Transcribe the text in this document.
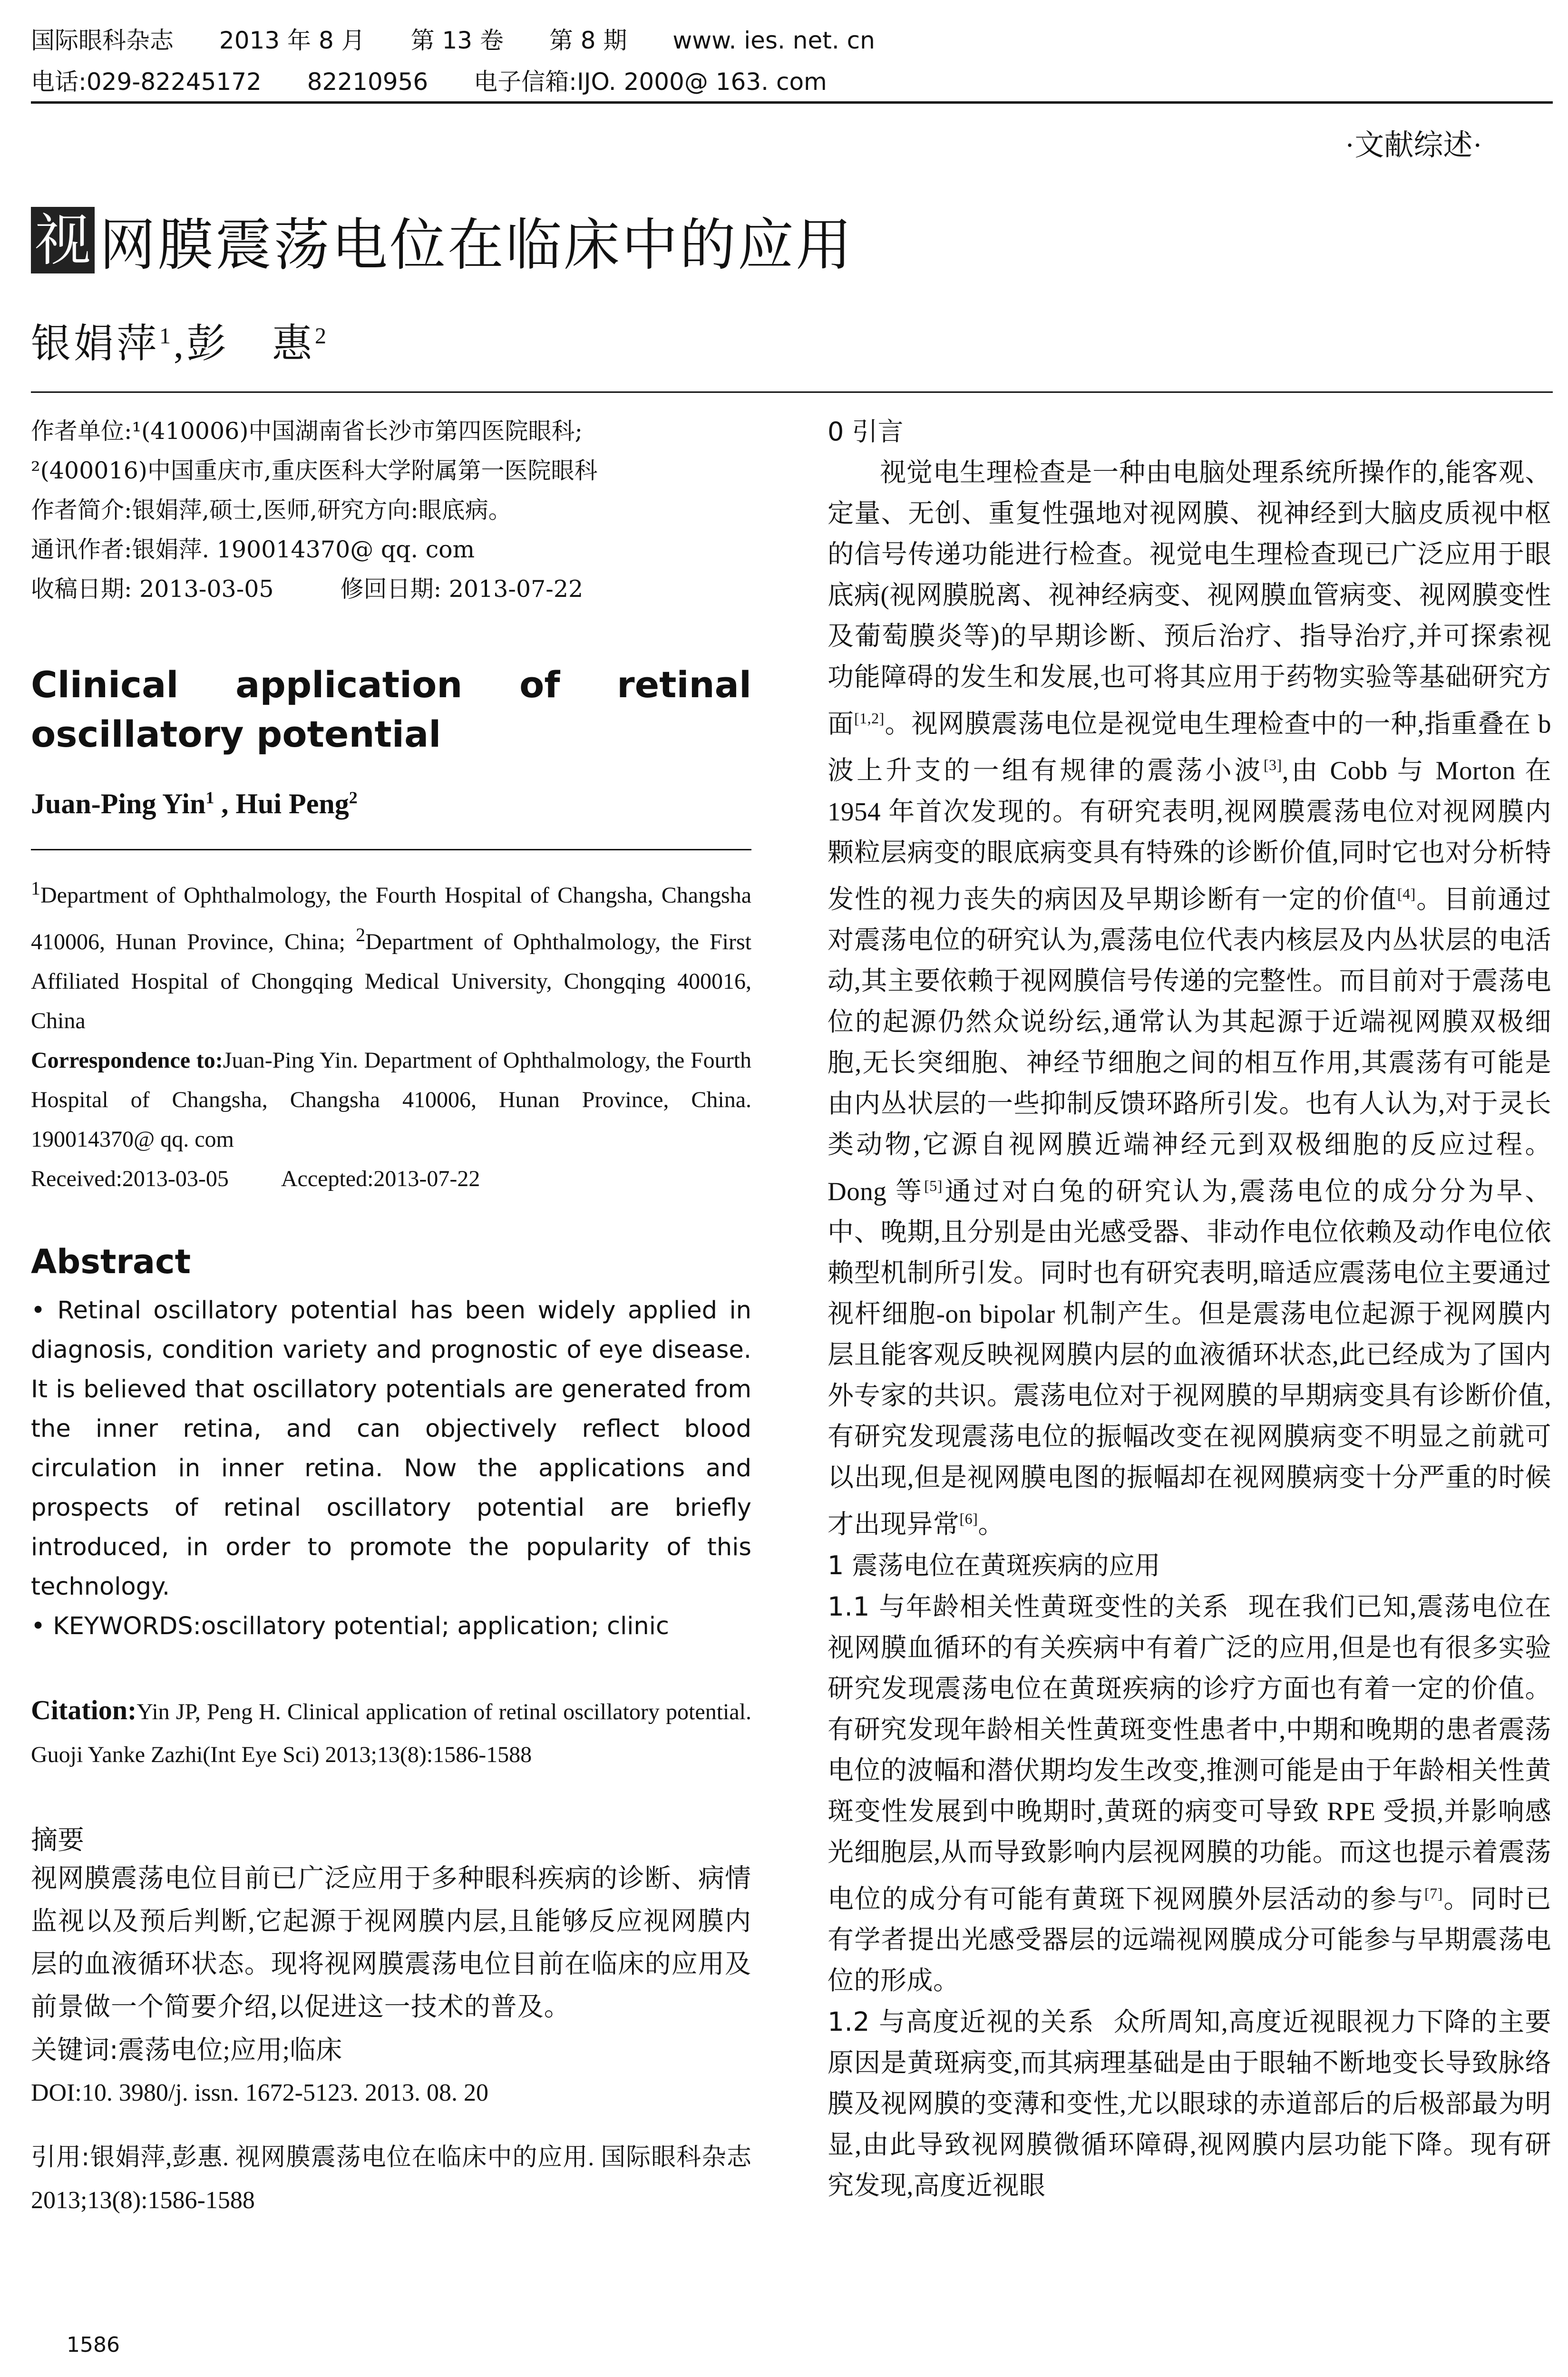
国际眼科杂志 2013 年 8 月 第 13 卷 第 8 期 www. ies. net. cn
电话:029-82245172 82210956 电子信箱:IJO. 2000@ 163. com
·文献综述·
视 网膜震荡电位在临床中的应用
银娟萍$^1$,彭　惠$^2$
作者单位:¹(410006)中国湖南省长沙市第四医院眼科;
²(400016)中国重庆市,重庆医科大学附属第一医院眼科
作者简介:银娟萍,硕士,医师,研究方向:眼底病。
通讯作者:银娟萍. 190014370@ qq. com
收稿日期: 2013-03-05	修回日期: 2013-07-22
Clinical application of retinal oscillatory potential
Juan-Ping Yin$^1$ , Hui Peng$^2$
$^1$Department of Ophthalmology, the Fourth Hospital of Changsha, Changsha 410006, Hunan Province, China; $^2$Department of Ophthalmology, the First Affiliated Hospital of Chongqing Medical University, Chongqing 400016, China
Correspondence to:Juan-Ping Yin. Department of Ophthalmology, the Fourth Hospital of Changsha, Changsha 410006, Hunan Province, China. 190014370@ qq. com
Received:2013-03-05 Accepted:2013-07-22
Abstract
• Retinal oscillatory potential has been widely applied in diagnosis, condition variety and prognostic of eye disease. It is believed that oscillatory potentials are generated from the inner retina, and can objectively reflect blood circulation in inner retina. Now the applications and prospects of retinal oscillatory potential are briefly introduced, in order to promote the popularity of this technology.
• KEYWORDS:oscillatory potential; application; clinic
Citation:Yin JP, Peng H. Clinical application of retinal oscillatory potential. Guoji Yanke Zazhi(Int Eye Sci) 2013;13(8):1586-1588
摘要
视网膜震荡电位目前已广泛应用于多种眼科疾病的诊断、病情监视以及预后判断,它起源于视网膜内层,且能够反应视网膜内层的血液循环状态。现将视网膜震荡电位目前在临床的应用及前景做一个简要介绍,以促进这一技术的普及。
关键词:震荡电位;应用;临床
DOI:10. 3980/j. issn. 1672-5123. 2013. 08. 20
引用:银娟萍,彭惠. 视网膜震荡电位在临床中的应用. 国际眼科杂志 2013;13(8):1586-1588
0 引言

视觉电生理检查是一种由电脑处理系统所操作的,能客观、定量、无创、重复性强地对视网膜、视神经到大脑皮质视中枢的信号传递功能进行检查。视觉电生理检查现已广泛应用于眼底病(视网膜脱离、视神经病变、视网膜血管病变、视网膜变性及葡萄膜炎等)的早期诊断、预后治疗、指导治疗,并可探索视功能障碍的发生和发展,也可将其应用于药物实验等基础研究方面[1,2]。视网膜震荡电位是视觉电生理检查中的一种,指重叠在 b 波上升支的一组有规律的震荡小波[3],由 Cobb 与 Morton 在 1954 年首次发现的。有研究表明,视网膜震荡电位对视网膜内颗粒层病变的眼底病变具有特殊的诊断价值,同时它也对分析特发性的视力丧失的病因及早期诊断有一定的价值[4]。目前通过对震荡电位的研究认为,震荡电位代表内核层及内丛状层的电活动,其主要依赖于视网膜信号传递的完整性。而目前对于震荡电位的起源仍然众说纷纭,通常认为其起源于近端视网膜双极细胞,无长突细胞、神经节细胞之间的相互作用,其震荡有可能是由内丛状层的一些抑制反馈环路所引发。也有人认为,对于灵长类动物,它源自视网膜近端神经元到双极细胞的反应过程。Dong 等[5]通过对白兔的研究认为,震荡电位的成分分为早、中、晚期,且分别是由光感受器、非动作电位依赖及动作电位依赖型机制所引发。同时也有研究表明,暗适应震荡电位主要通过视杆细胞-on bipolar 机制产生。但是震荡电位起源于视网膜内层且能客观反映视网膜内层的血液循环状态,此已经成为了国内外专家的共识。震荡电位对于视网膜的早期病变具有诊断价值,有研究发现震荡电位的振幅改变在视网膜病变不明显之前就可以出现,但是视网膜电图的振幅却在视网膜病变十分严重的时候才出现异常[6]。

1 震荡电位在黄斑疾病的应用

1.1 与年龄相关性黄斑变性的关系 现在我们已知,震荡电位在视网膜血循环的有关疾病中有着广泛的应用,但是也有很多实验研究发现震荡电位在黄斑疾病的诊疗方面也有着一定的价值。有研究发现年龄相关性黄斑变性患者中,中期和晚期的患者震荡电位的波幅和潜伏期均发生改变,推测可能是由于年龄相关性黄斑变性发展到中晚期时,黄斑的病变可导致 RPE 受损,并影响感光细胞层,从而导致影响内层视网膜的功能。而这也提示着震荡电位的成分有可能有黄斑下视网膜外层活动的参与[7]。同时已有学者提出光感受器层的远端视网膜成分可能参与早期震荡电位的形成。

1.2 与高度近视的关系 众所周知,高度近视眼视力下降的主要原因是黄斑病变,而其病理基础是由于眼轴不断地变长导致脉络膜及视网膜的变薄和变性,尤以眼球的赤道部后的后极部最为明显,由此导致视网膜微循环障碍,视网膜内层功能下降。现有研究发现,高度近视眼

1586
